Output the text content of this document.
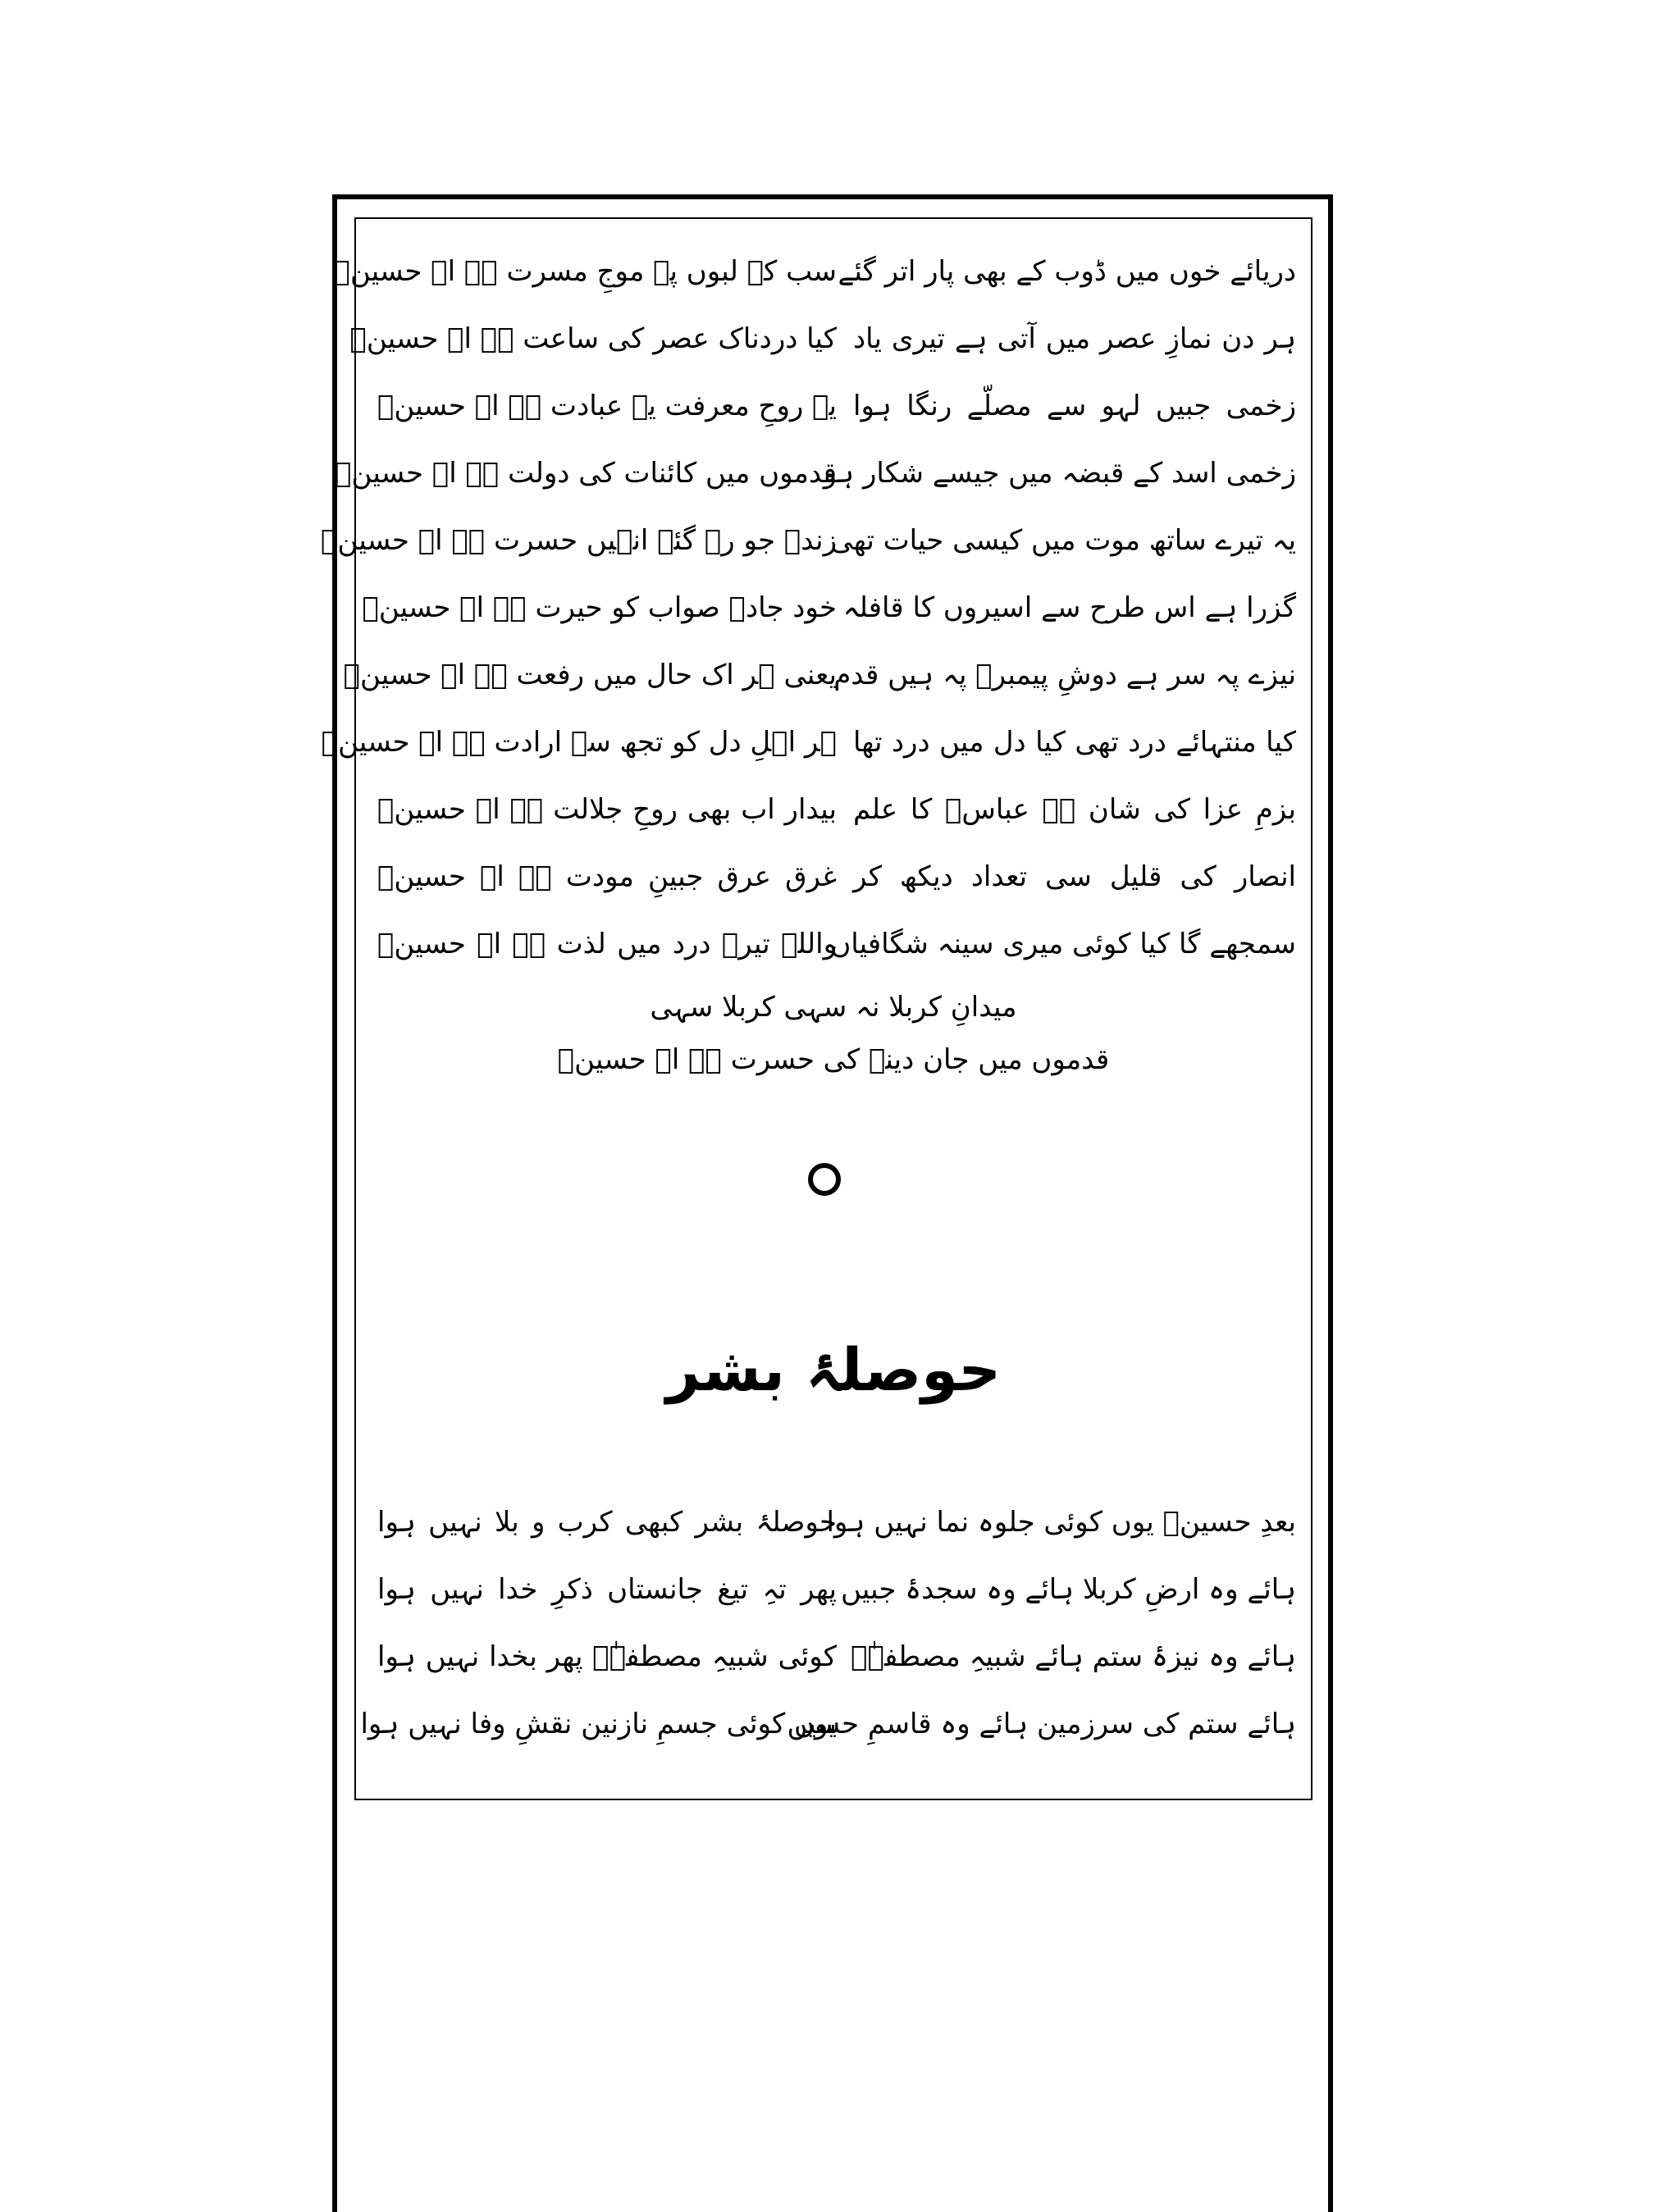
دریائے خوں میں ڈوب کے بھی پار اتر گئے
سب کے لبوں پہ موجِ مسرت ہے اے حسینؑ
ہر دن نمازِ عصر میں آتی ہے تیری یاد
کیا دردناک عصر کی ساعت ہے اے حسینؑ
زخمی جبیں لہو سے مصلّے رنگا ہوا
یہ روحِ معرفت یہ عبادت ہے اے حسینؑ
زخمی اسد کے قبضہ میں جیسے شکار ہو
قدموں میں کائنات کی دولت ہے اے حسینؑ
یہ تیرے ساتھ موت میں کیسی حیات تھی
زندہ جو رہ گئے انہیں حسرت ہے اے حسینؑ
گزرا ہے اس طرح سے اسیروں کا قافلہ
خود جادۂ صواب کو حیرت ہے اے حسینؑ
نیزے پہ سر ہے دوشِ پیمبرؐ پہ ہیں قدم
یعنی ہر اک حال میں رفعت ہے اے حسینؑ
کیا منتہائے درد تھی کیا دل میں درد تھا
ہر اہلِ دل کو تجھ سے ارادت ہے اے حسینؑ
بزمِ عزا کی شان ہے عباسؑ کا علم
بیدار اب بھی روحِ جلالت ہے اے حسینؑ
انصار کی قلیل سی تعداد دیکھ کر
غرق عرق جبینِ مودت ہے اے حسینؑ
سمجھے گا کیا کوئی میری سینہ شگافیاں
واللہ تیرے درد میں لذت ہے اے حسینؑ
میدانِ کربلا نہ سہی کربلا سہی
قدموں میں جان دینے کی حسرت ہے اے حسینؑ
حوصلۂ بشر
بعدِ حسینؑ یوں کوئی جلوہ نما نہیں ہوا
حوصلۂ بشر کبھی کرب و بلا نہیں ہوا
ہائے وہ ارضِ کربلا ہائے وہ سجدۂ جبیں
پھر تہِ تیغ جانستاں ذکرِ خدا نہیں ہوا
ہائے وہ نیزۂ ستم ہائے شبیہِ مصطفےٰؐ
کوئی شبیہِ مصطفےٰؐ پھر بخدا نہیں ہوا
ہائے ستم کی سرزمین ہائے وہ قاسمِ حسیں
یوں کوئی جسمِ نازنین نقشِ وفا نہیں ہوا
